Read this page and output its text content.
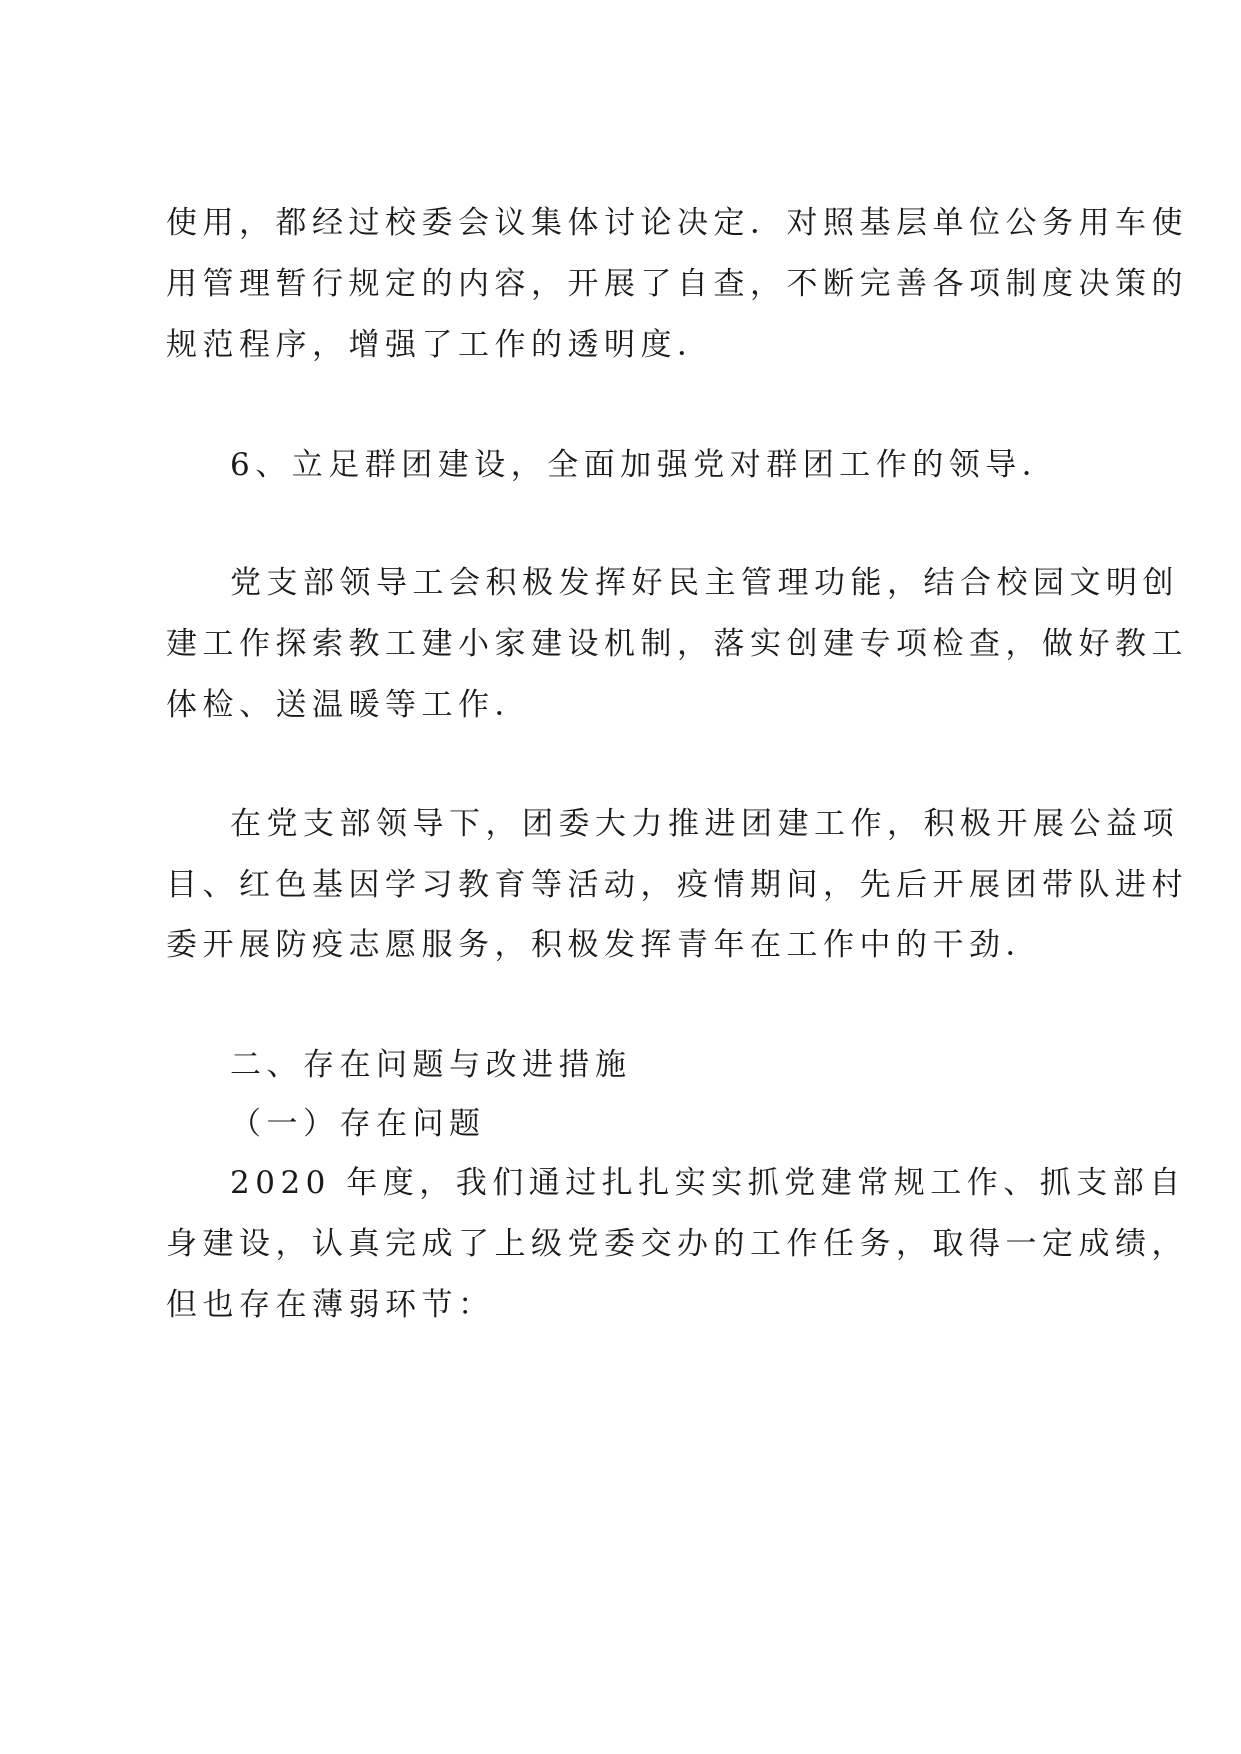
使用，都经过校委会议集体讨论决定．对照基层单位公务用车使

用管理暂行规定的内容，开展了自查，不断完善各项制度决策的

规范程序，增强了工作的透明度．

6、立足群团建设，全面加强党对群团工作的领导．

党支部领导工会积极发挥好民主管理功能，结合校园文明创

建工作探索教工建小家建设机制，落实创建专项检查，做好教工

体检、送温暖等工作．

在党支部领导下，团委大力推进团建工作，积极开展公益项

目、红色基因学习教育等活动，疫情期间，先后开展团带队进村

委开展防疫志愿服务，积极发挥青年在工作中的干劲．

二、存在问题与改进措施

（一）存在问题

2020 年度，我们通过扎扎实实抓党建常规工作、抓支部自

身建设，认真完成了上级党委交办的工作任务，取得一定成绩，

但也存在薄弱环节：
